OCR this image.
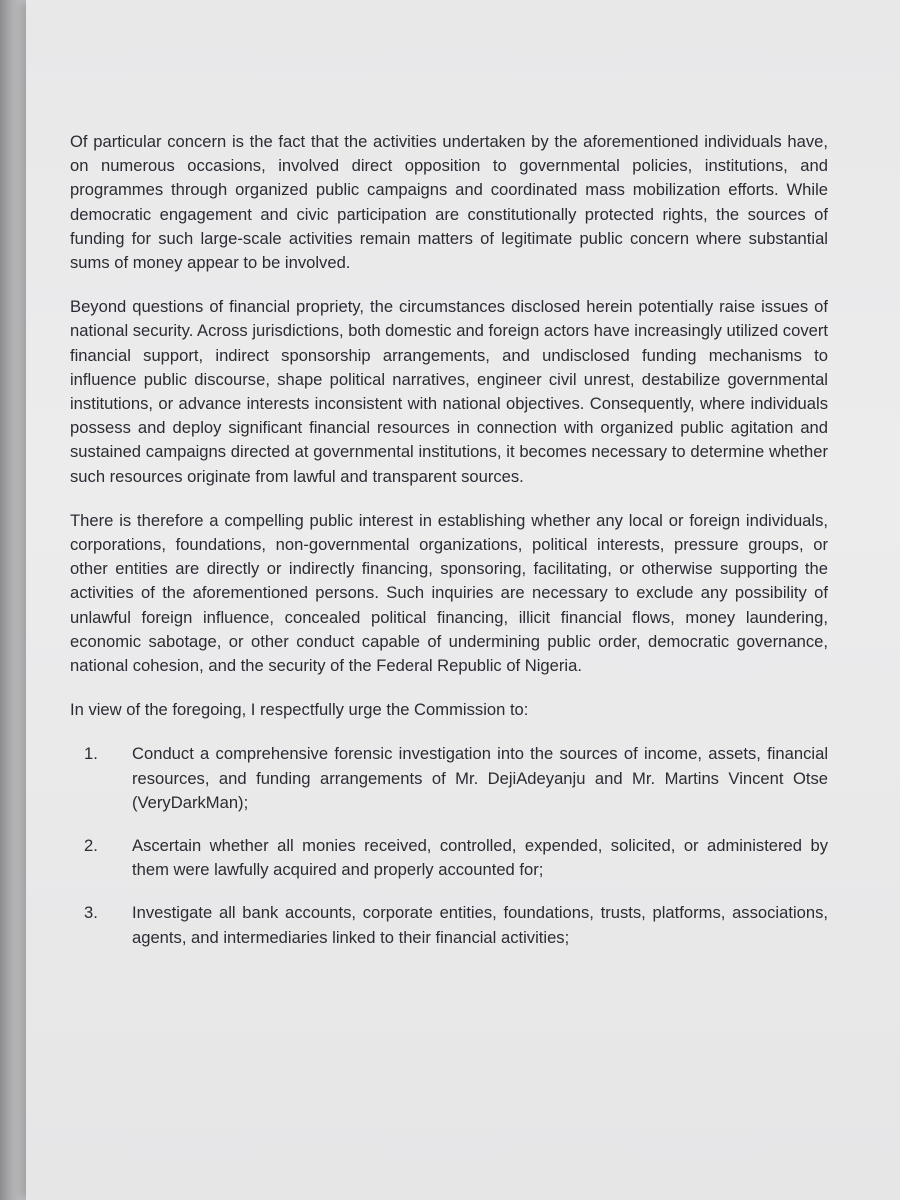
Of particular concern is the fact that the activities undertaken by the aforementioned individuals have, on numerous occasions, involved direct opposition to governmental policies, institutions, and programmes through organized public campaigns and coordinated mass mobilization efforts. While democratic engagement and civic participation are constitutionally protected rights, the sources of funding for such large-scale activities remain matters of legitimate public concern where substantial sums of money appear to be involved.

Beyond questions of financial propriety, the circumstances disclosed herein potentially raise issues of national security. Across jurisdictions, both domestic and foreign actors have increasingly utilized covert financial support, indirect sponsorship arrangements, and undisclosed funding mechanisms to influence public discourse, shape political narratives, engineer civil unrest, destabilize governmental institutions, or advance interests inconsistent with national objectives. Consequently, where individuals possess and deploy significant financial resources in connection with organized public agitation and sustained campaigns directed at governmental institutions, it becomes necessary to determine whether such resources originate from lawful and transparent sources.

There is therefore a compelling public interest in establishing whether any local or foreign individuals, corporations, foundations, non-governmental organizations, political interests, pressure groups, or other entities are directly or indirectly financing, sponsoring, facilitating, or otherwise supporting the activities of the aforementioned persons. Such inquiries are necessary to exclude any possibility of unlawful foreign influence, concealed political financing, illicit financial flows, money laundering, economic sabotage, or other conduct capable of undermining public order, democratic governance, national cohesion, and the security of the Federal Republic of Nigeria.

In view of the foregoing, I respectfully urge the Commission to:

1.	Conduct a comprehensive forensic investigation into the sources of income, assets, financial resources, and funding arrangements of Mr. DejiAdeyanju and Mr. Martins Vincent Otse (VeryDarkMan);
2.	Ascertain whether all monies received, controlled, expended, solicited, or administered by them were lawfully acquired and properly accounted for;
3.	Investigate all bank accounts, corporate entities, foundations, trusts, platforms, associations, agents, and intermediaries linked to their financial activities;
